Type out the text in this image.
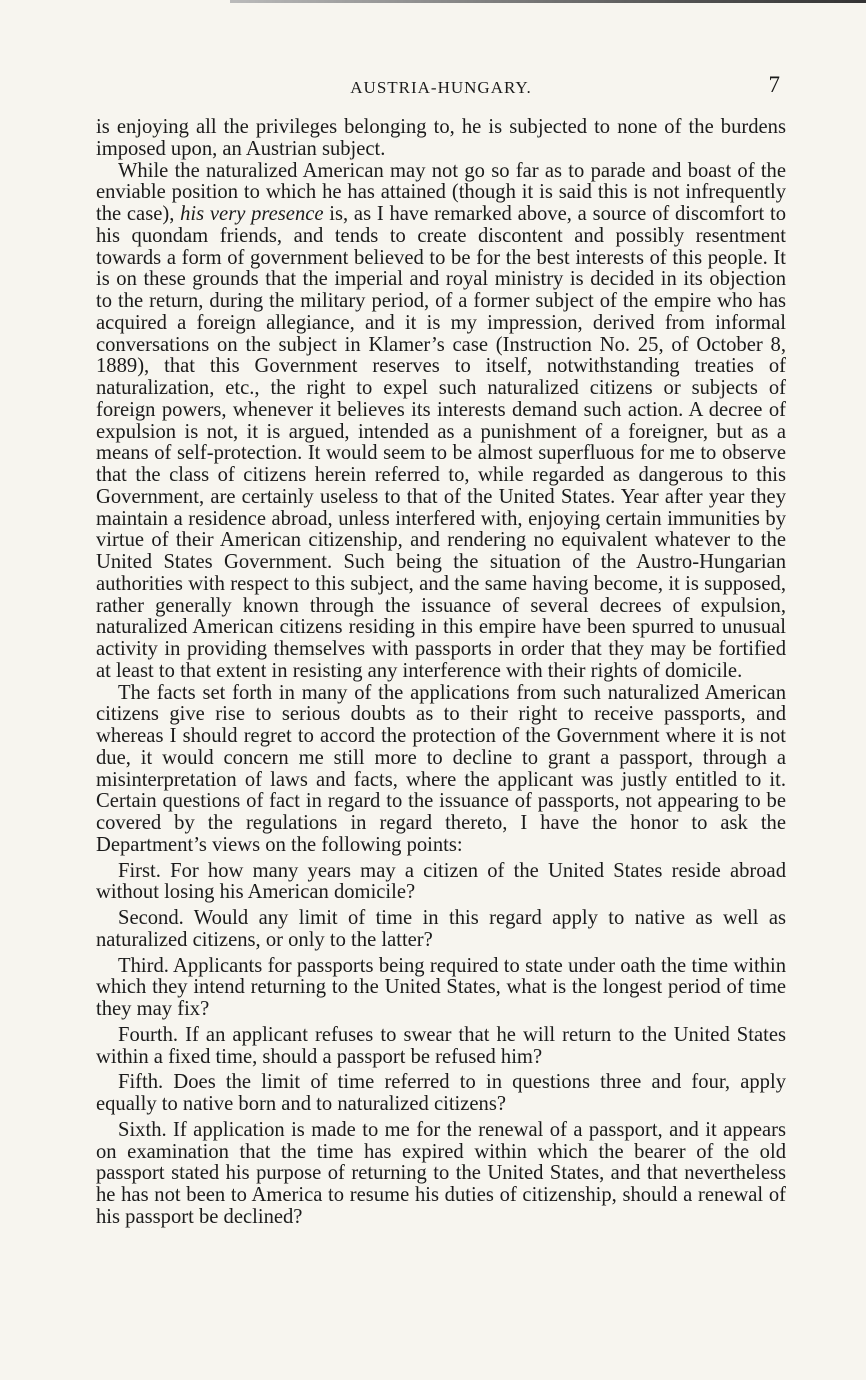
AUSTRIA-HUNGARY.	7

is enjoying all the privileges belonging to, he is subjected to none of the burdens imposed upon, an Austrian subject.

While the naturalized American may not go so far as to parade and boast of the enviable position to which he has attained (though it is said this is not infrequently the case), his very presence is, as I have remarked above, a source of discomfort to his quondam friends, and tends to create discontent and possibly resentment towards a form of government believed to be for the best interests of this people. It is on these grounds that the imperial and royal ministry is decided in its objection to the return, during the military period, of a former subject of the empire who has acquired a foreign allegiance, and it is my impression, derived from informal conversations on the subject in Klamer’s case (Instruction No. 25, of October 8, 1889), that this Government reserves to itself, notwithstanding treaties of naturalization, etc., the right to expel such naturalized citizens or subjects of foreign powers, whenever it believes its interests demand such action. A decree of expulsion is not, it is argued, intended as a punishment of a foreigner, but as a means of self-protection. It would seem to be almost superfluous for me to observe that the class of citizens herein referred to, while regarded as dangerous to this Government, are certainly useless to that of the United States. Year after year they maintain a residence abroad, unless interfered with, enjoying certain immunities by virtue of their American citizenship, and rendering no equivalent whatever to the United States Government. Such being the situation of the Austro-Hungarian authorities with respect to this subject, and the same having become, it is supposed, rather generally known through the issuance of several decrees of expulsion, naturalized American citizens residing in this empire have been spurred to unusual activity in providing themselves with passports in order that they may be fortified at least to that extent in resisting any interference with their rights of domicile.

The facts set forth in many of the applications from such naturalized American citizens give rise to serious doubts as to their right to receive passports, and whereas I should regret to accord the protection of the Government where it is not due, it would concern me still more to decline to grant a passport, through a misinterpretation of laws and facts, where the applicant was justly entitled to it. Certain questions of fact in regard to the issuance of passports, not appearing to be covered by the regulations in regard thereto, I have the honor to ask the Department’s views on the following points:

First. For how many years may a citizen of the United States reside abroad without losing his American domicile?

Second. Would any limit of time in this regard apply to native as well as naturalized citizens, or only to the latter?

Third. Applicants for passports being required to state under oath the time within which they intend returning to the United States, what is the longest period of time they may fix?

Fourth. If an applicant refuses to swear that he will return to the United States within a fixed time, should a passport be refused him?

Fifth. Does the limit of time referred to in questions three and four, apply equally to native born and to naturalized citizens?

Sixth. If application is made to me for the renewal of a passport, and it appears on examination that the time has expired within which the bearer of the old passport stated his purpose of returning to the United States, and that nevertheless he has not been to America to resume his duties of citizenship, should a renewal of his passport be declined?
